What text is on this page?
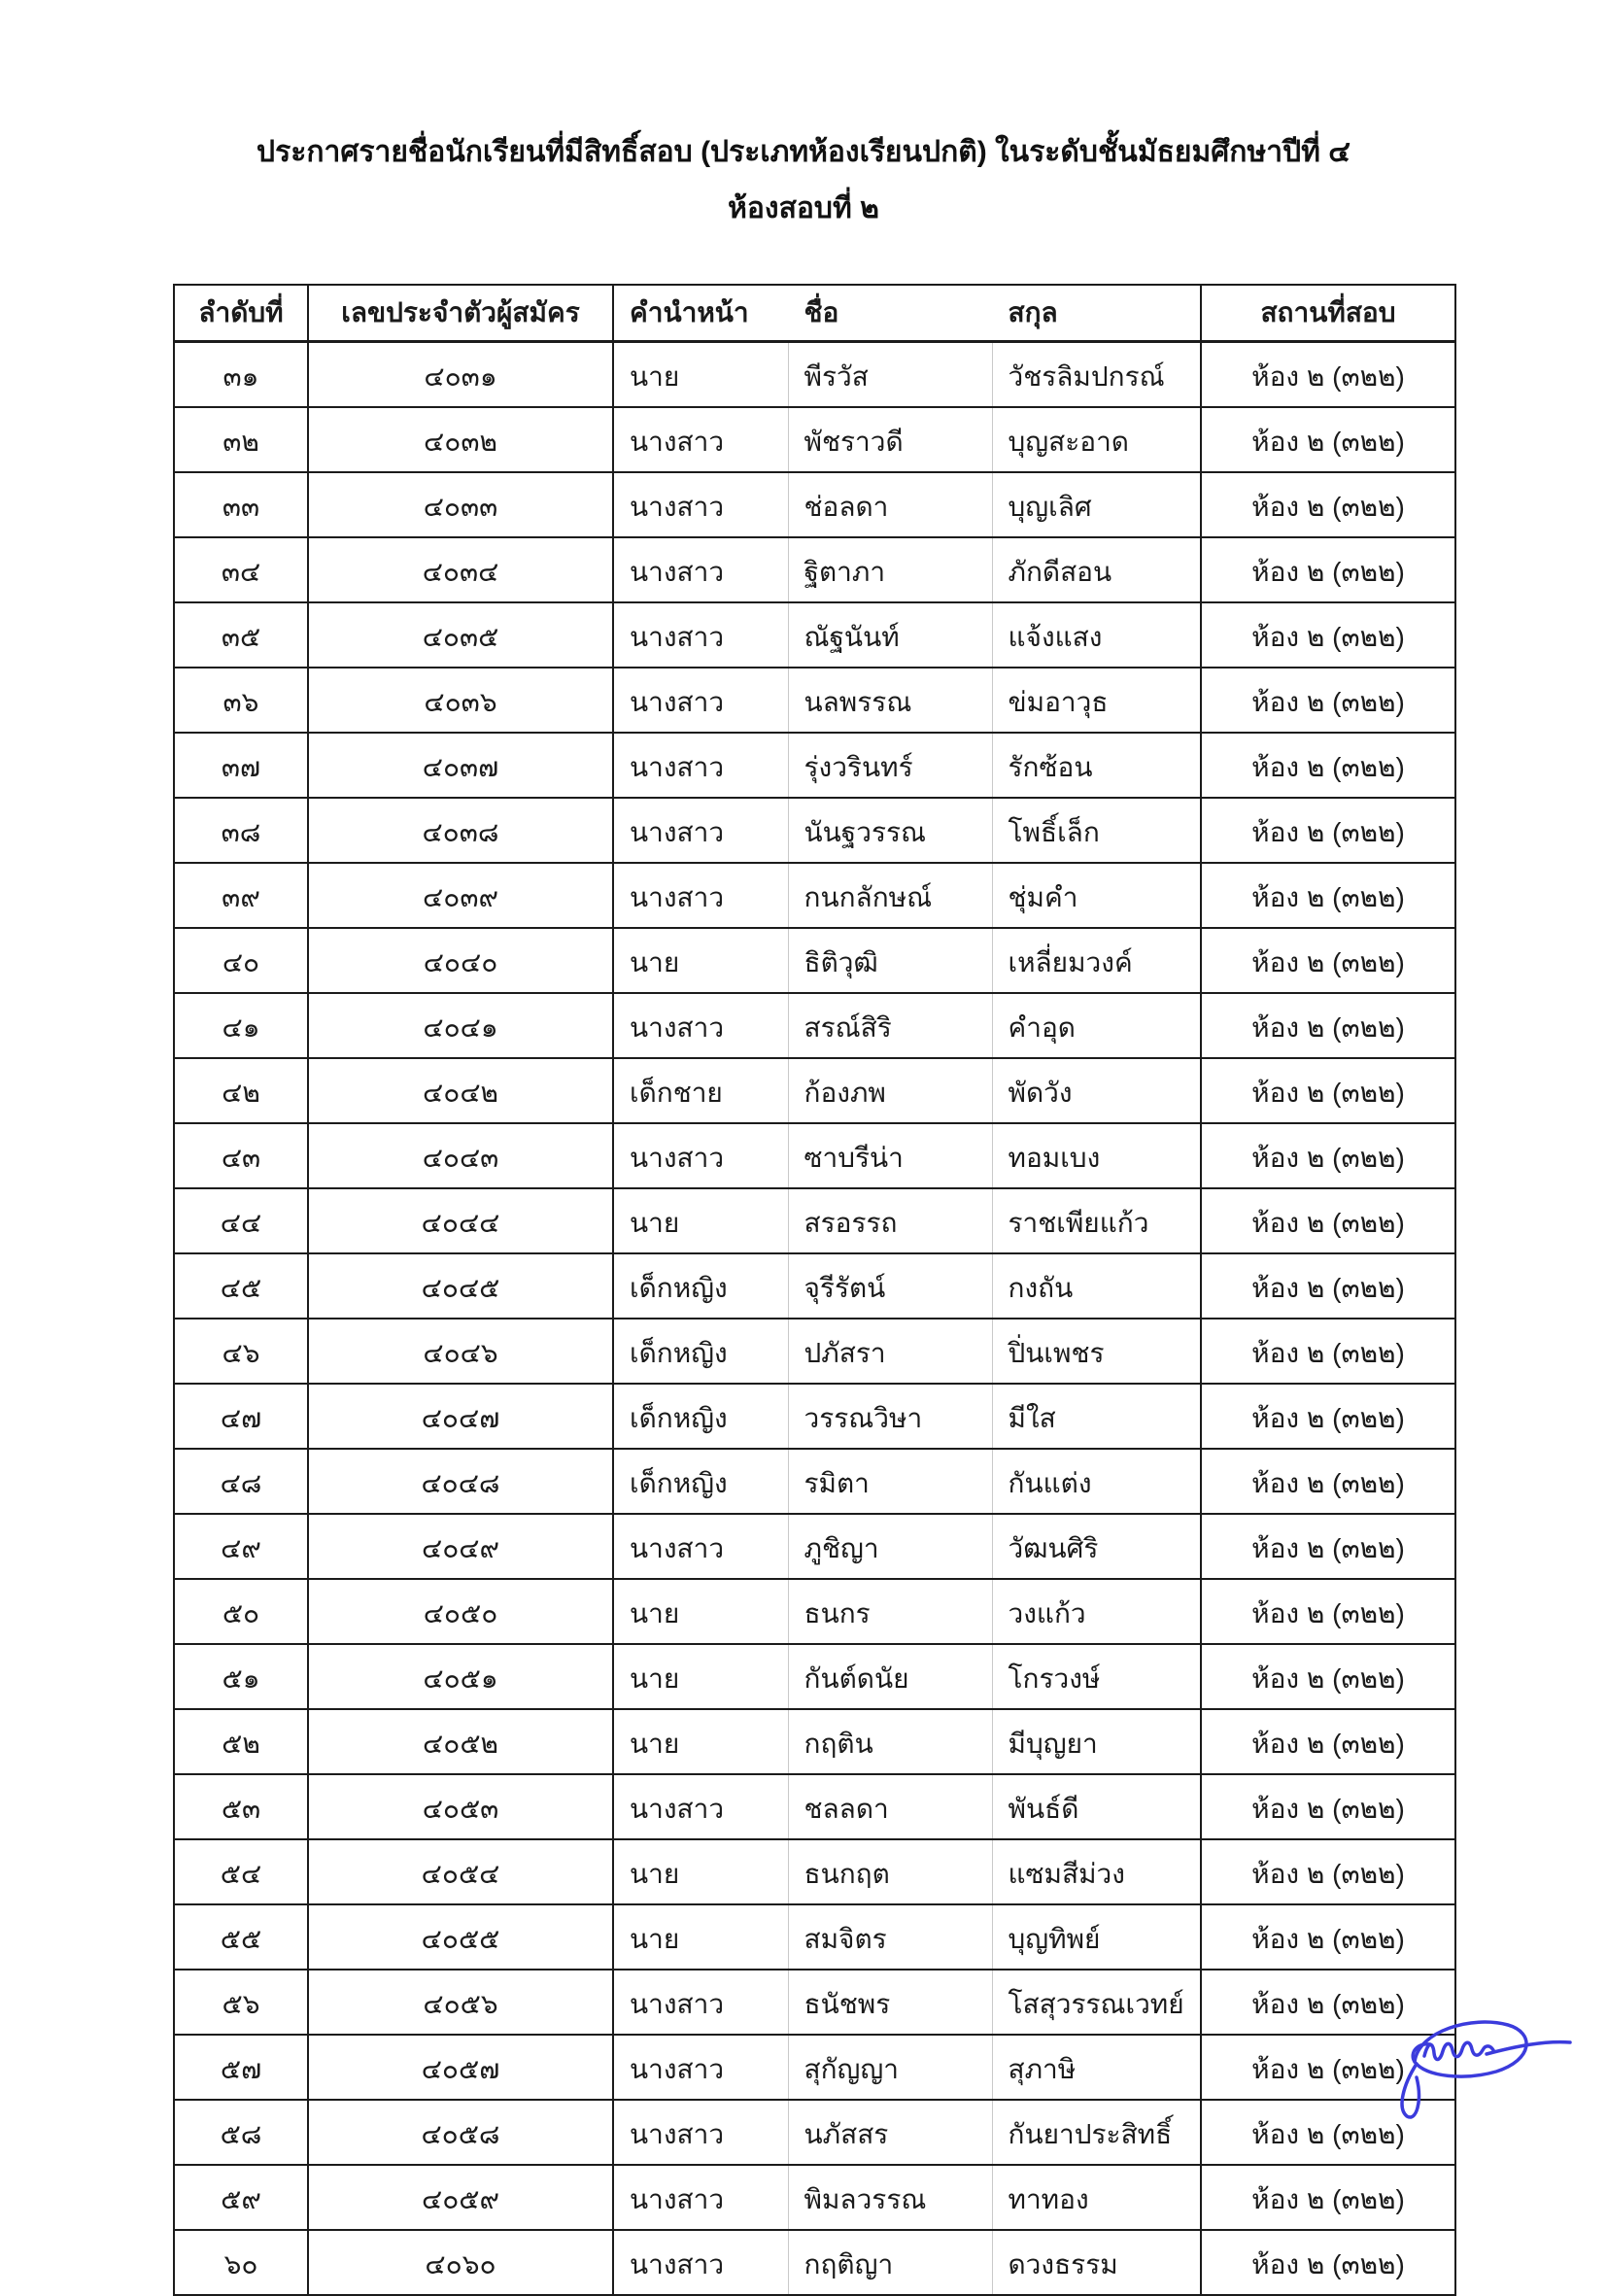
ประกาศรายชื่อนักเรียนที่มีสิทธิ์สอบ (ประเภทห้องเรียนปกติ) ในระดับชั้นมัธยมศึกษาปีที่ ๔
ห้องสอบที่ ๒
ลำดับที่	เลขประจำตัวผู้สมัคร	คำนำหน้า	ชื่อ	สกุล	สถานที่สอบ
๓๑	๔๐๓๑	นาย	พีรวัส	วัชรลิมปกรณ์	ห้อง ๒ (๓๒๒)
๓๒	๔๐๓๒	นางสาว	พัชราวดี	บุญสะอาด	ห้อง ๒ (๓๒๒)
๓๓	๔๐๓๓	นางสาว	ช่อลดา	บุญเลิศ	ห้อง ๒ (๓๒๒)
๓๔	๔๐๓๔	นางสาว	ฐิตาภา	ภักดีสอน	ห้อง ๒ (๓๒๒)
๓๕	๔๐๓๕	นางสาว	ณัฐนันท์	แจ้งแสง	ห้อง ๒ (๓๒๒)
๓๖	๔๐๓๖	นางสาว	นลพรรณ	ข่มอาวุธ	ห้อง ๒ (๓๒๒)
๓๗	๔๐๓๗	นางสาว	รุ่งวรินทร์	รักซ้อน	ห้อง ๒ (๓๒๒)
๓๘	๔๐๓๘	นางสาว	นันฐวรรณ	โพธิ์เล็ก	ห้อง ๒ (๓๒๒)
๓๙	๔๐๓๙	นางสาว	กนกลักษณ์	ชุ่มคำ	ห้อง ๒ (๓๒๒)
๔๐	๔๐๔๐	นาย	ธิติวุฒิ	เหลี่ยมวงค์	ห้อง ๒ (๓๒๒)
๔๑	๔๐๔๑	นางสาว	สรณ์สิริ	คำอุด	ห้อง ๒ (๓๒๒)
๔๒	๔๐๔๒	เด็กชาย	ก้องภพ	พัดวัง	ห้อง ๒ (๓๒๒)
๔๓	๔๐๔๓	นางสาว	ซาบรีน่า	ทอมเบง	ห้อง ๒ (๓๒๒)
๔๔	๔๐๔๔	นาย	สรอรรถ	ราชเพียแก้ว	ห้อง ๒ (๓๒๒)
๔๕	๔๐๔๕	เด็กหญิง	จุรีรัตน์	กงถัน	ห้อง ๒ (๓๒๒)
๔๖	๔๐๔๖	เด็กหญิง	ปภัสรา	ปิ่นเพชร	ห้อง ๒ (๓๒๒)
๔๗	๔๐๔๗	เด็กหญิง	วรรณวิษา	มีใส	ห้อง ๒ (๓๒๒)
๔๘	๔๐๔๘	เด็กหญิง	รมิตา	กันแต่ง	ห้อง ๒ (๓๒๒)
๔๙	๔๐๔๙	นางสาว	ภูชิญา	วัฒนศิริ	ห้อง ๒ (๓๒๒)
๕๐	๔๐๕๐	นาย	ธนกร	วงแก้ว	ห้อง ๒ (๓๒๒)
๕๑	๔๐๕๑	นาย	กันต์ดนัย	โกรวงษ์	ห้อง ๒ (๓๒๒)
๕๒	๔๐๕๒	นาย	กฤติน	มีบุญยา	ห้อง ๒ (๓๒๒)
๕๓	๔๐๕๓	นางสาว	ชลลดา	พันธ์ดี	ห้อง ๒ (๓๒๒)
๕๔	๔๐๕๔	นาย	ธนกฤต	แซมสีม่วง	ห้อง ๒ (๓๒๒)
๕๕	๔๐๕๕	นาย	สมจิตร	บุญทิพย์	ห้อง ๒ (๓๒๒)
๕๖	๔๐๕๖	นางสาว	ธนัชพร	โสสุวรรณเวทย์	ห้อง ๒ (๓๒๒)
๕๗	๔๐๕๗	นางสาว	สุกัญญา	สุภาษิ	ห้อง ๒ (๓๒๒)
๕๘	๔๐๕๘	นางสาว	นภัสสร	กันยาประสิทธิ์	ห้อง ๒ (๓๒๒)
๕๙	๔๐๕๙	นางสาว	พิมลวรรณ	ทาทอง	ห้อง ๒ (๓๒๒)
๖๐	๔๐๖๐	นางสาว	กฤติญา	ดวงธรรม	ห้อง ๒ (๓๒๒)
